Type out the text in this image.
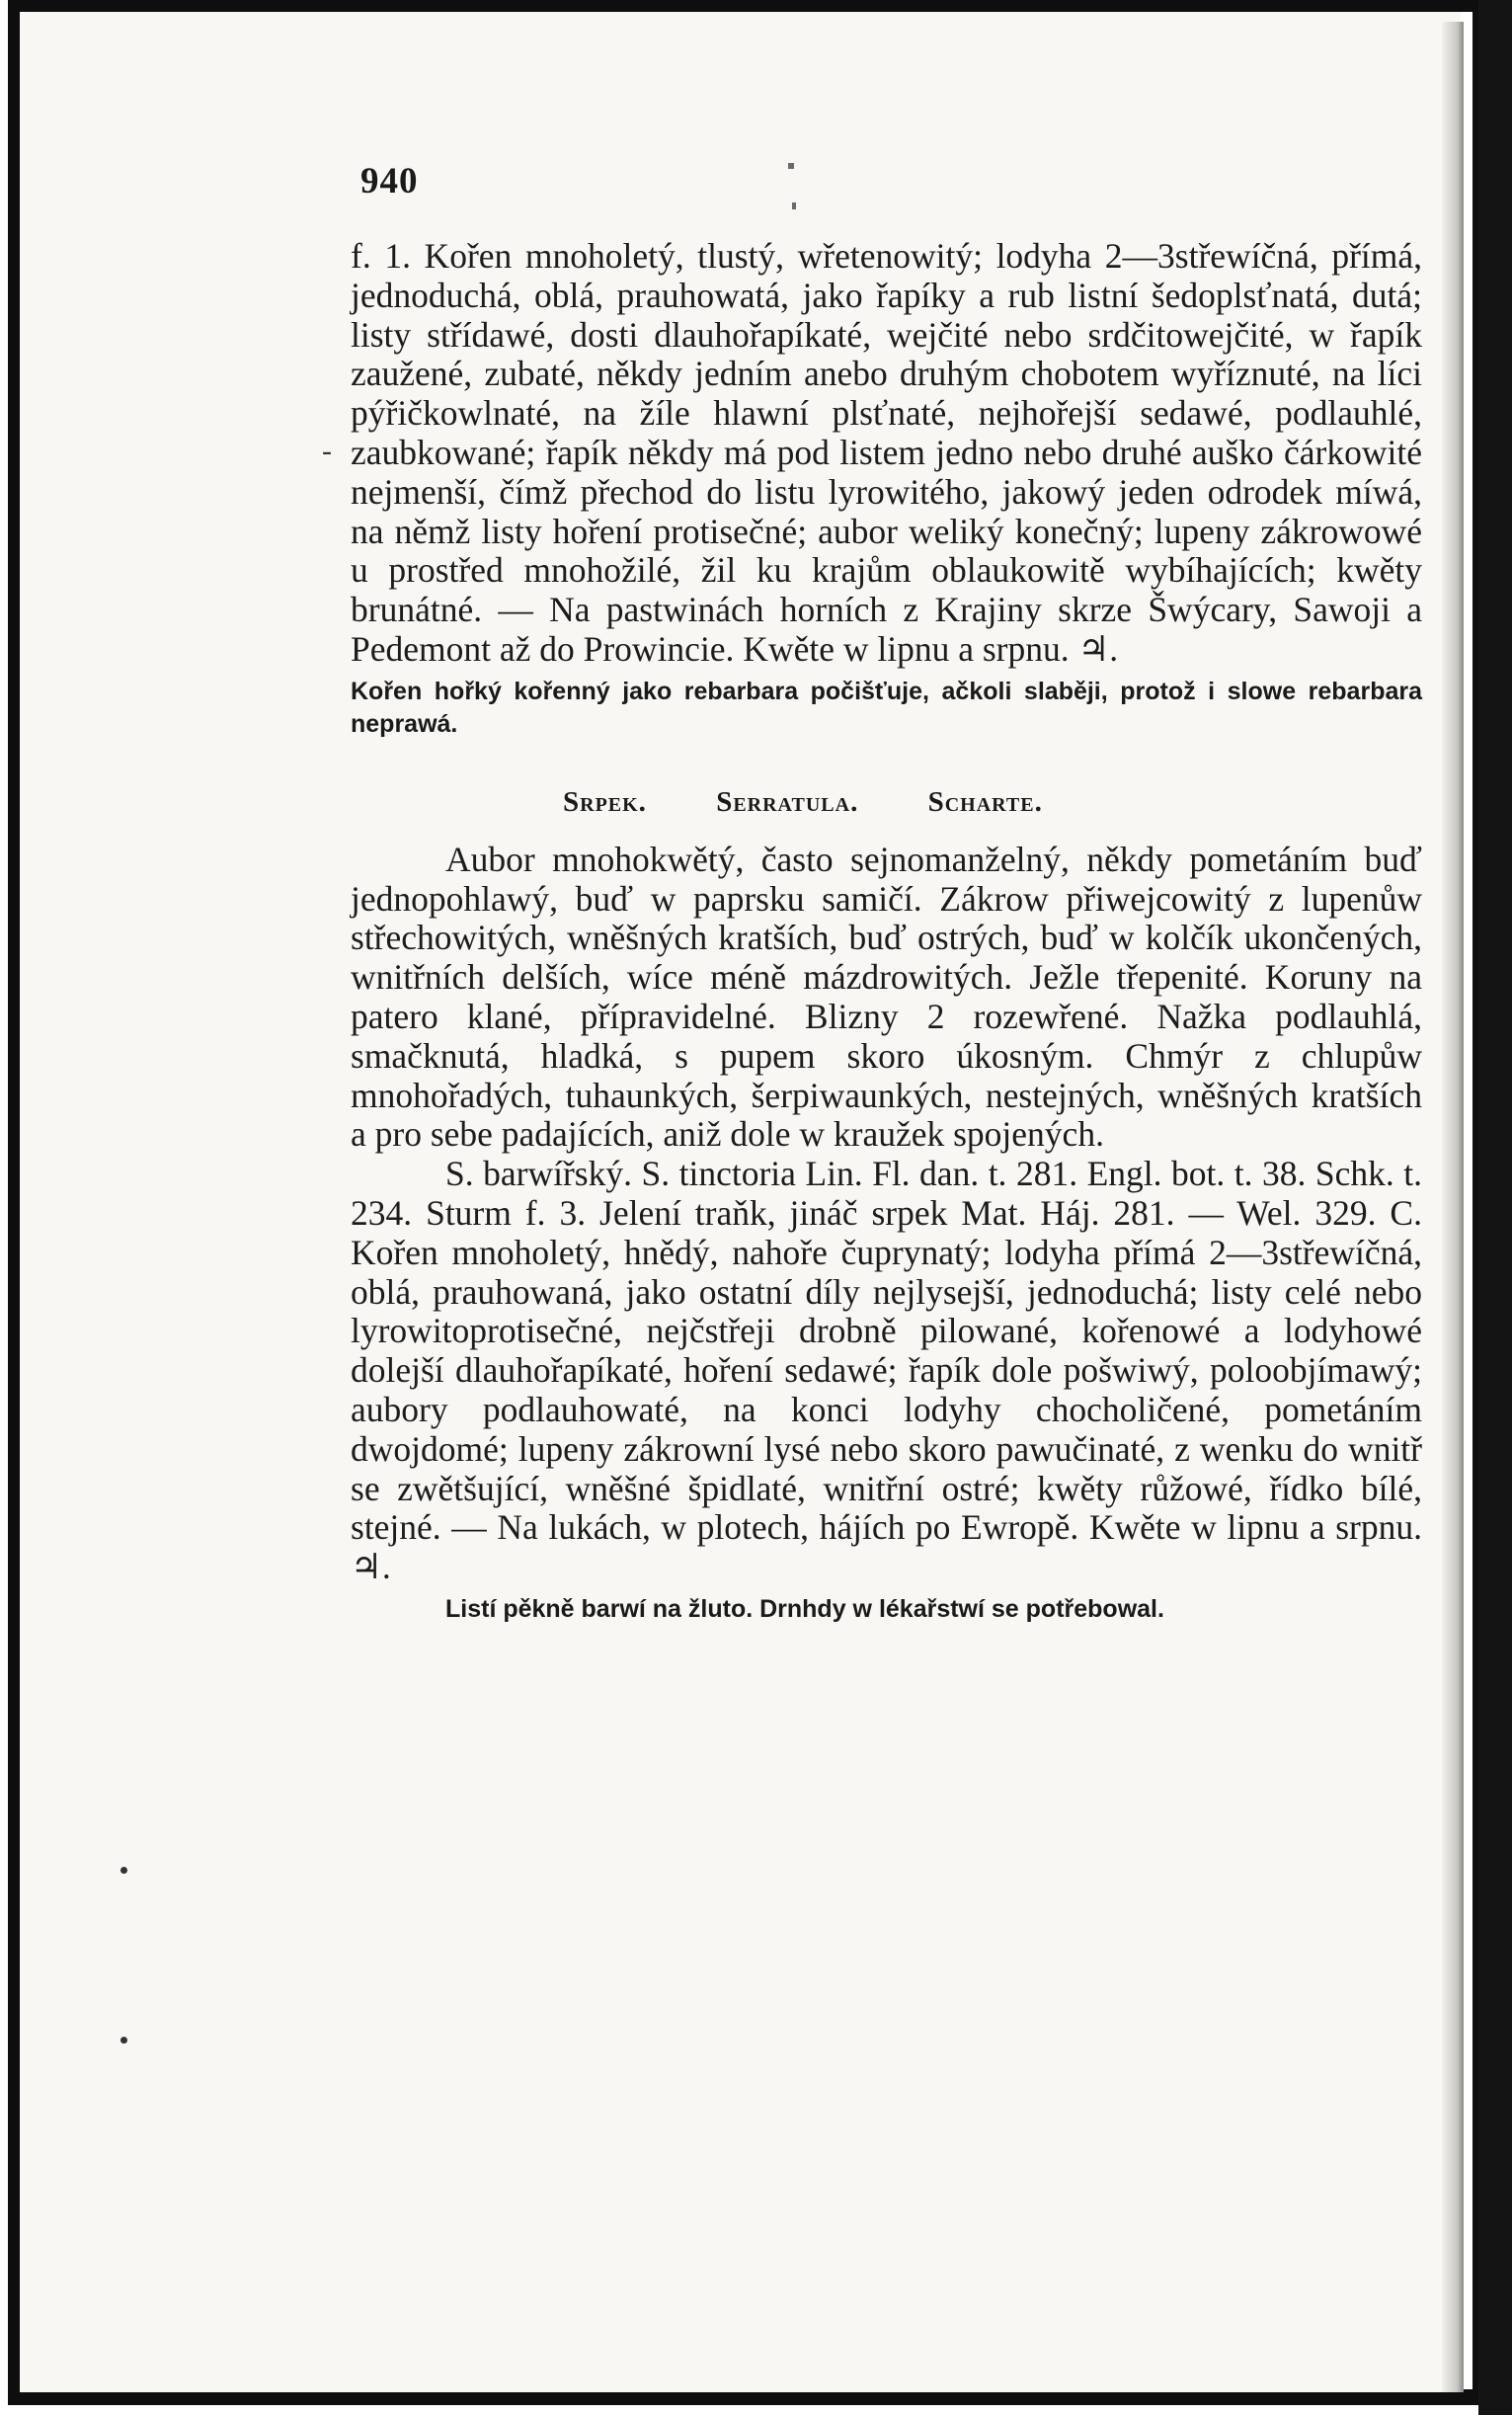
940
-

f. 1. Kořen mnoholetý, tlustý, wřetenowitý; lodyha 2—3střewíčná, přímá, jednoduchá, oblá, prauhowatá, jako řapíky a rub listní šedoplsťnatá, dutá; listy střídawé, dosti dlauhořapíkaté, wejčité nebo srdčitowejčité, w řapík zaužené, zubaté, někdy jedním anebo druhým chobotem wyříznuté, na líci pýřičkowlnaté, na žíle hlawní plsťnaté, nejhořejší sedawé, podlauhlé, zaubkowané; řapík někdy má pod listem jedno nebo druhé auško čárkowité nejmenší, čímž přechod do listu lyrowitého, jakowý jeden odrodek míwá, na němž listy hoření protisečné; aubor weliký konečný; lupeny zákrowowé u prostřed mnohožilé, žil ku krajům oblaukowitě wybíhajících; kwěty brunátné. — Na pastwinách horních z Krajiny skrze Šwýcary, Sawoji a Pedemont až do Prowincie. Kwěte w lipnu a srpnu. ♃.

Kořen hořký kořenný jako rebarbara počišťuje, ačkoli slaběji, protož i slowe rebarbara neprawá.

Srpek. Serratula. Scharte.

Aubor mnohokwětý, často sejnomanželný, někdy pometáním buď jednopohlawý, buď w paprsku samičí. Zákrow přiwejcowitý z lupenůw střechowitých, wněšných kratších, buď ostrých, buď w kolčík ukončených, wnitřních delších, wíce méně mázdrowitých. Ježle třepenité. Koruny na patero klané, přípravidelné. Blizny 2 rozewřené. Nažka podlauhlá, smačknutá, hladká, s pupem skoro úkosným. Chmýr z chlupůw mnohořadých, tuhaunkých, šerpiwaunkých, nestejných, wněšných kratších a pro sebe padajících, aniž dole w kraužek spojených.

S. barwířský. S. tinctoria Lin. Fl. dan. t. 281. Engl. bot. t. 38. Schk. t. 234. Sturm f. 3. Jelení traňk, jináč srpek Mat. Háj. 281. — Wel. 329. C. Kořen mnoholetý, hnědý, nahoře čuprynatý; lodyha přímá 2—3střewíčná, oblá, prauhowaná, jako ostatní díly nejlysejší, jednoduchá; listy celé nebo lyrowitoprotisečné, nejčstřeji drobně pilowané, kořenowé a lodyhowé dolejší dlauhořapíkaté, hoření sedawé; řapík dole pošwiwý, poloobjímawý; aubory podlauhowaté, na konci lodyhy chocholičené, pometáním dwojdomé; lupeny zákrowní lysé nebo skoro pawučinaté, z wenku do wnitř se zwětšující, wněšné špidlaté, wnitřní ostré; kwěty růžowé, řídko bílé, stejné. — Na lukách, w plotech, hájích po Ewropě. Kwěte w lipnu a srpnu. ♃.

Listí pěkně barwí na žluto. Drnhdy w lékařstwí se potřebowal.
